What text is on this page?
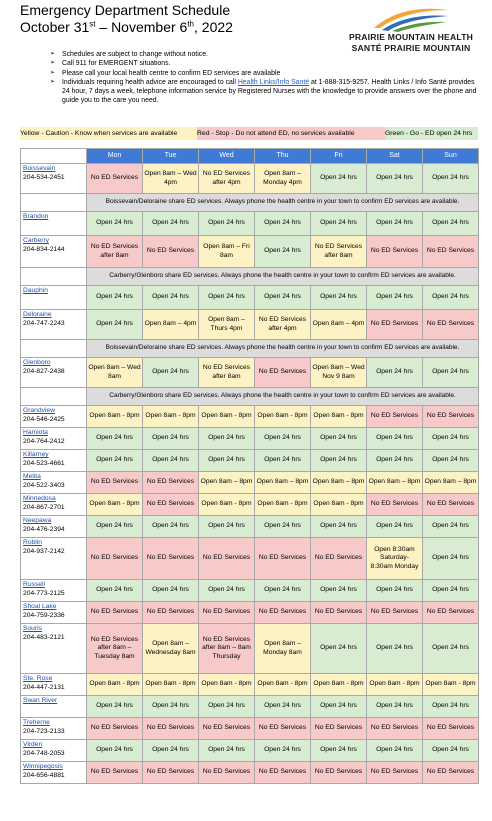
Emergency Department Schedule
October 31st – November 6th, 2022
PRAIRIE MOUNTAIN HEALTH
SANTÉ PRAIRIE MOUNTAIN
➢ Schedules are subject to change without notice.
➢ Call 911 for EMERGENT situations.
➢ Please call your local health centre to confirm ED services are available
➢ Individuals requiring health advice are encouraged to call Health Links/Info Santé at 1-888-315-9257. Health Links / Info Santé provides 24 hour, 7 days a week, telephone information service by Registered Nurses with the knowledge to provide answers over the phone and guide you to the care you need.
Yellow - Caution - Know when services are available	Red - Stop - Do not attend ED, no services available	Green - Go - ED open 24 hrs
	Mon	Tue	Wed	Thu	Fri	Sat	Sun

Boissevain
204-534-2451	No ED Services	Open 8am – Wed 4pm	No ED Services after 4pm	Open 8am – Monday 4pm	Open 24 hrs	Open 24 hrs	Open 24 hrs
	Boissevain/Deloraine share ED services. Always phone the health centre in your town to confirm ED services are available.						

Brandon	Open 24 hrs	Open 24 hrs	Open 24 hrs	Open 24 hrs	Open 24 hrs	Open 24 hrs	Open 24 hrs

Carberry
204-834-2144	No ED Services after 8am	No ED Services	Open 8am – Fri 8am	Open 24 hrs	No ED Services after 8am	No ED Services	No ED Services
	Carberry/Glenboro share ED services. Always phone the health centre in your town to confirm ED services are available.						

Dauphin	Open 24 hrs	Open 24 hrs	Open 24 hrs	Open 24 hrs	Open 24 hrs	Open 24 hrs	Open 24 hrs

Deloraine
204-747-2243	Open 24 hrs	Open 8am – 4pm	Open 8am – Thurs 4pm	No ED Services after 4pm	Open 8am – 4pm	No ED Services	No ED Services
	Boissevain/Deloraine share ED services. Always phone the health centre in your town to confirm ED services are available.						

Glenboro
204-827-2438	Open 8am – Wed 8am	Open 24 hrs	No ED Services after 8am	No ED Services	Open 8am – Wed Nov 9 8am	Open 24 hrs	Open 24 hrs
	Carberry/Glenboro share ED services. Always phone the health centre in your town to confirm ED services are available.						

Grandview
204-546-2425	Open 8am - 8pm	Open 8am - 8pm	Open 8am - 8pm	Open 8am - 8pm	Open 8am - 8pm	No ED Services	No ED Services

Hamiota
204-764-2412	Open 24 hrs	Open 24 hrs	Open 24 hrs	Open 24 hrs	Open 24 hrs	Open 24 hrs	Open 24 hrs

Killarney
204-523-4661	Open 24 hrs	Open 24 hrs	Open 24 hrs	Open 24 hrs	Open 24 hrs	Open 24 hrs	Open 24 hrs

Melita
204-522-3403	No ED Services	No ED Services	Open 8am – 8pm	Open 8am – 8pm	Open 8am – 8pm	Open 8am – 8pm	Open 8am – 8pm

Minnedosa
204-867-2701	Open 8am - 8pm	No ED Services	Open 8am - 8pm	Open 8am - 8pm	Open 8am - 8pm	No ED Services	No ED Services

Neepawa
204-476-2394	Open 24 hrs	Open 24 hrs	Open 24 hrs	Open 24 hrs	Open 24 hrs	Open 24 hrs	Open 24 hrs

Roblin
204-937-2142	No ED Services	No ED Services	No ED Services	No ED Services	No ED Services	Open 8:30am Saturday- 8:30am Monday	Open 24 hrs

Russell
204-773-2125	Open 24 hrs	Open 24 hrs	Open 24 hrs	Open 24 hrs	Open 24 hrs	Open 24 hrs	Open 24 hrs

Shoal Lake
204-759-2336	No ED Services	No ED Services	No ED Services	No ED Services	No ED Services	No ED Services	No ED Services

Souris
204-483-2121	No ED Services after 8am – Tuesday 8am	Open 8am – Wednesday 8am	No ED Services after 8am – 8am Thursday	Open 8am – Monday 8am	Open 24 hrs	Open 24 hrs	Open 24 hrs

Ste. Rose
204-447-2131	Open 8am - 8pm	Open 8am - 8pm	Open 8am - 8pm	Open 8am - 8pm	Open 8am - 8pm	Open 8am - 8pm	Open 8am - 8pm

Swan River	Open 24 hrs	Open 24 hrs	Open 24 hrs	Open 24 hrs	Open 24 hrs	Open 24 hrs	Open 24 hrs

Treherne
204-723-2133	No ED Services	No ED Services	No ED Services	No ED Services	No ED Services	No ED Services	No ED Services

Virden
204-748-2053	Open 24 hrs	Open 24 hrs	Open 24 hrs	Open 24 hrs	Open 24 hrs	Open 24 hrs	Open 24 hrs

Winnipegosis
204-656-4881	No ED Services	No ED Services	No ED Services	No ED Services	No ED Services	No ED Services	No ED Services
